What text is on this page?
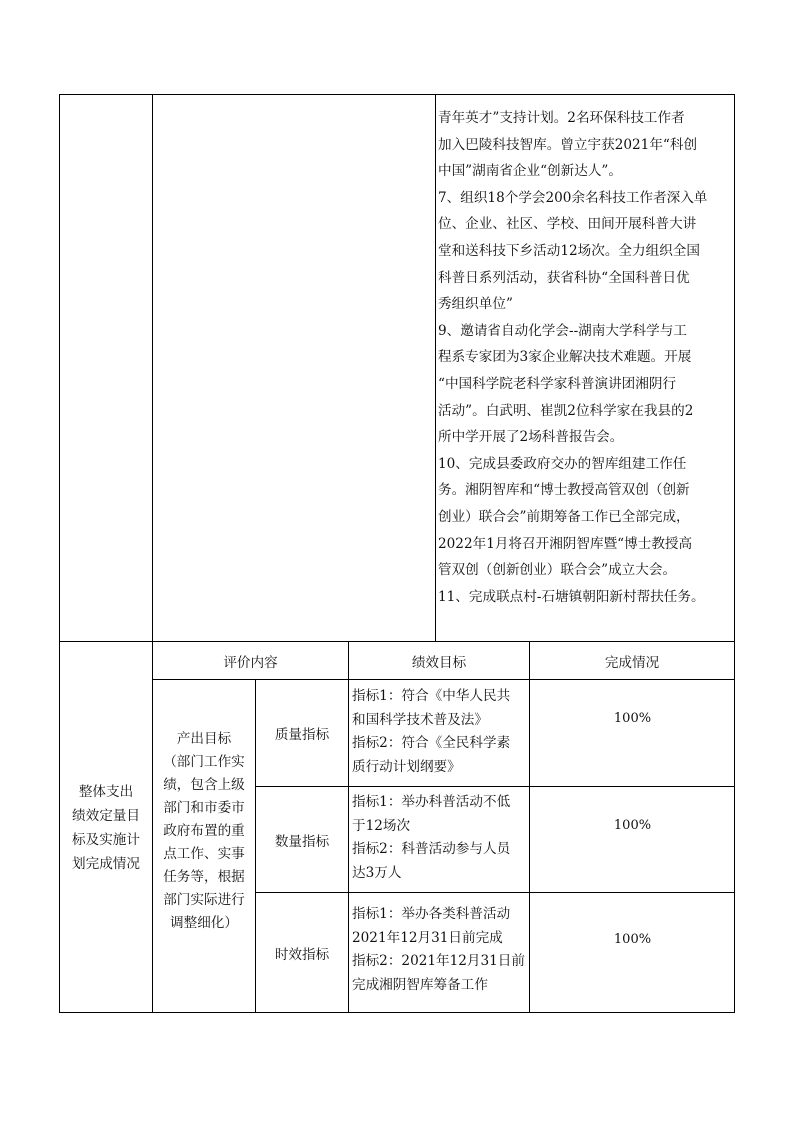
青年英才”支持计划。2名环保科技工作者

加入巴陵科技智库。曾立宇获2021年“科创

中国”湖南省企业“创新达人”。

7、组织18个学会200余名科技工作者深入单

位、企业、社区、学校、田间开展科普大讲

堂和送科技下乡活动12场次。全力组织全国

科普日系列活动，获省科协“全国科普日优

秀组织单位”

9、邀请省自动化学会--湖南大学科学与工

程系专家团为3家企业解决技术难题。开展

“中国科学院老科学家科普演讲团湘阴行

活动”。白武明、崔凯2位科学家在我县的2

所中学开展了2场科普报告会。

10、完成县委政府交办的智库组建工作任

务。湘阴智库和“博士教授高管双创（创新

创业）联合会”前期筹备工作已全部完成，

2022年1月将召开湘阴智库暨“博士教授高

管双创（创新创业）联合会”成立大会。

11、完成联点村-石塘镇朝阳新村帮扶任务。

整体支出
绩效定量目
标及实施计
划完成情况
评价内容	绩效目标	完成情况
产出目标
（部门工作实
绩，包含上级
部门和市委市
政府布置的重
点工作、实事
任务等，根据
部门实际进行
调整细化）
质量指标
指标1：符合《中华人民共
和国科学技术普及法》
指标2：符合《全民科学素
质行动计划纲要》
100%
数量指标
指标1：举办科普活动不低
于12场次
指标2：科普活动参与人员
达3万人
100%
时效指标
指标1：举办各类科普活动
2021年12月31日前完成
指标2：2021年12月31日前
完成湘阴智库筹备工作
100%
